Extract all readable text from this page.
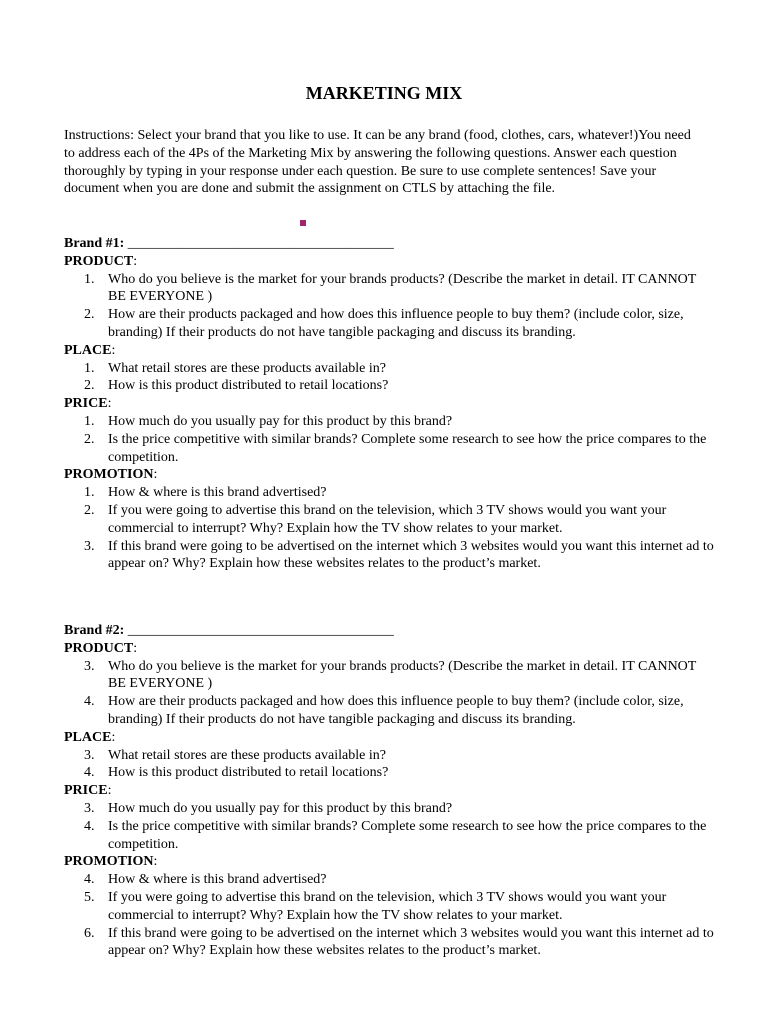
MARKETING MIX
Instructions: Select your brand that you like to use. It can be any brand (food, clothes, cars, whatever!)You need to address each of the 4Ps of the Marketing Mix by answering the following questions. Answer each question thoroughly by typing in your response under each question. Be sure to use complete sentences! Save your document when you are done and submit the assignment on CTLS by attaching the file.
Brand #1: ______________________________________
PRODUCT:
1. Who do you believe is the market for your brands products? (Describe the market in detail. IT CANNOT BE EVERYONE )
2. How are their products packaged and how does this influence people to buy them? (include color, size, branding) If their products do not have tangible packaging and discuss its branding.
PLACE:
1. What retail stores are these products available in?
2. How is this product distributed to retail locations?
PRICE:
1. How much do you usually pay for this product by this brand?
2. Is the price competitive with similar brands? Complete some research to see how the price compares to the competition.
PROMOTION:
1. How & where is this brand advertised?
2. If you were going to advertise this brand on the television, which 3 TV shows would you want your commercial to interrupt? Why? Explain how the TV show relates to your market.
3. If this brand were going to be advertised on the internet which 3 websites would you want this internet ad to appear on? Why? Explain how these websites relates to the product’s market.
Brand #2: ______________________________________
PRODUCT:
3. Who do you believe is the market for your brands products? (Describe the market in detail. IT CANNOT BE EVERYONE )
4. How are their products packaged and how does this influence people to buy them? (include color, size, branding) If their products do not have tangible packaging and discuss its branding.
PLACE:
3. What retail stores are these products available in?
4. How is this product distributed to retail locations?
PRICE:
3. How much do you usually pay for this product by this brand?
4. Is the price competitive with similar brands? Complete some research to see how the price compares to the competition.
PROMOTION:
4. How & where is this brand advertised?
5. If you were going to advertise this brand on the television, which 3 TV shows would you want your commercial to interrupt? Why? Explain how the TV show relates to your market.
6. If this brand were going to be advertised on the internet which 3 websites would you want this internet ad to appear on? Why? Explain how these websites relates to the product’s market.
